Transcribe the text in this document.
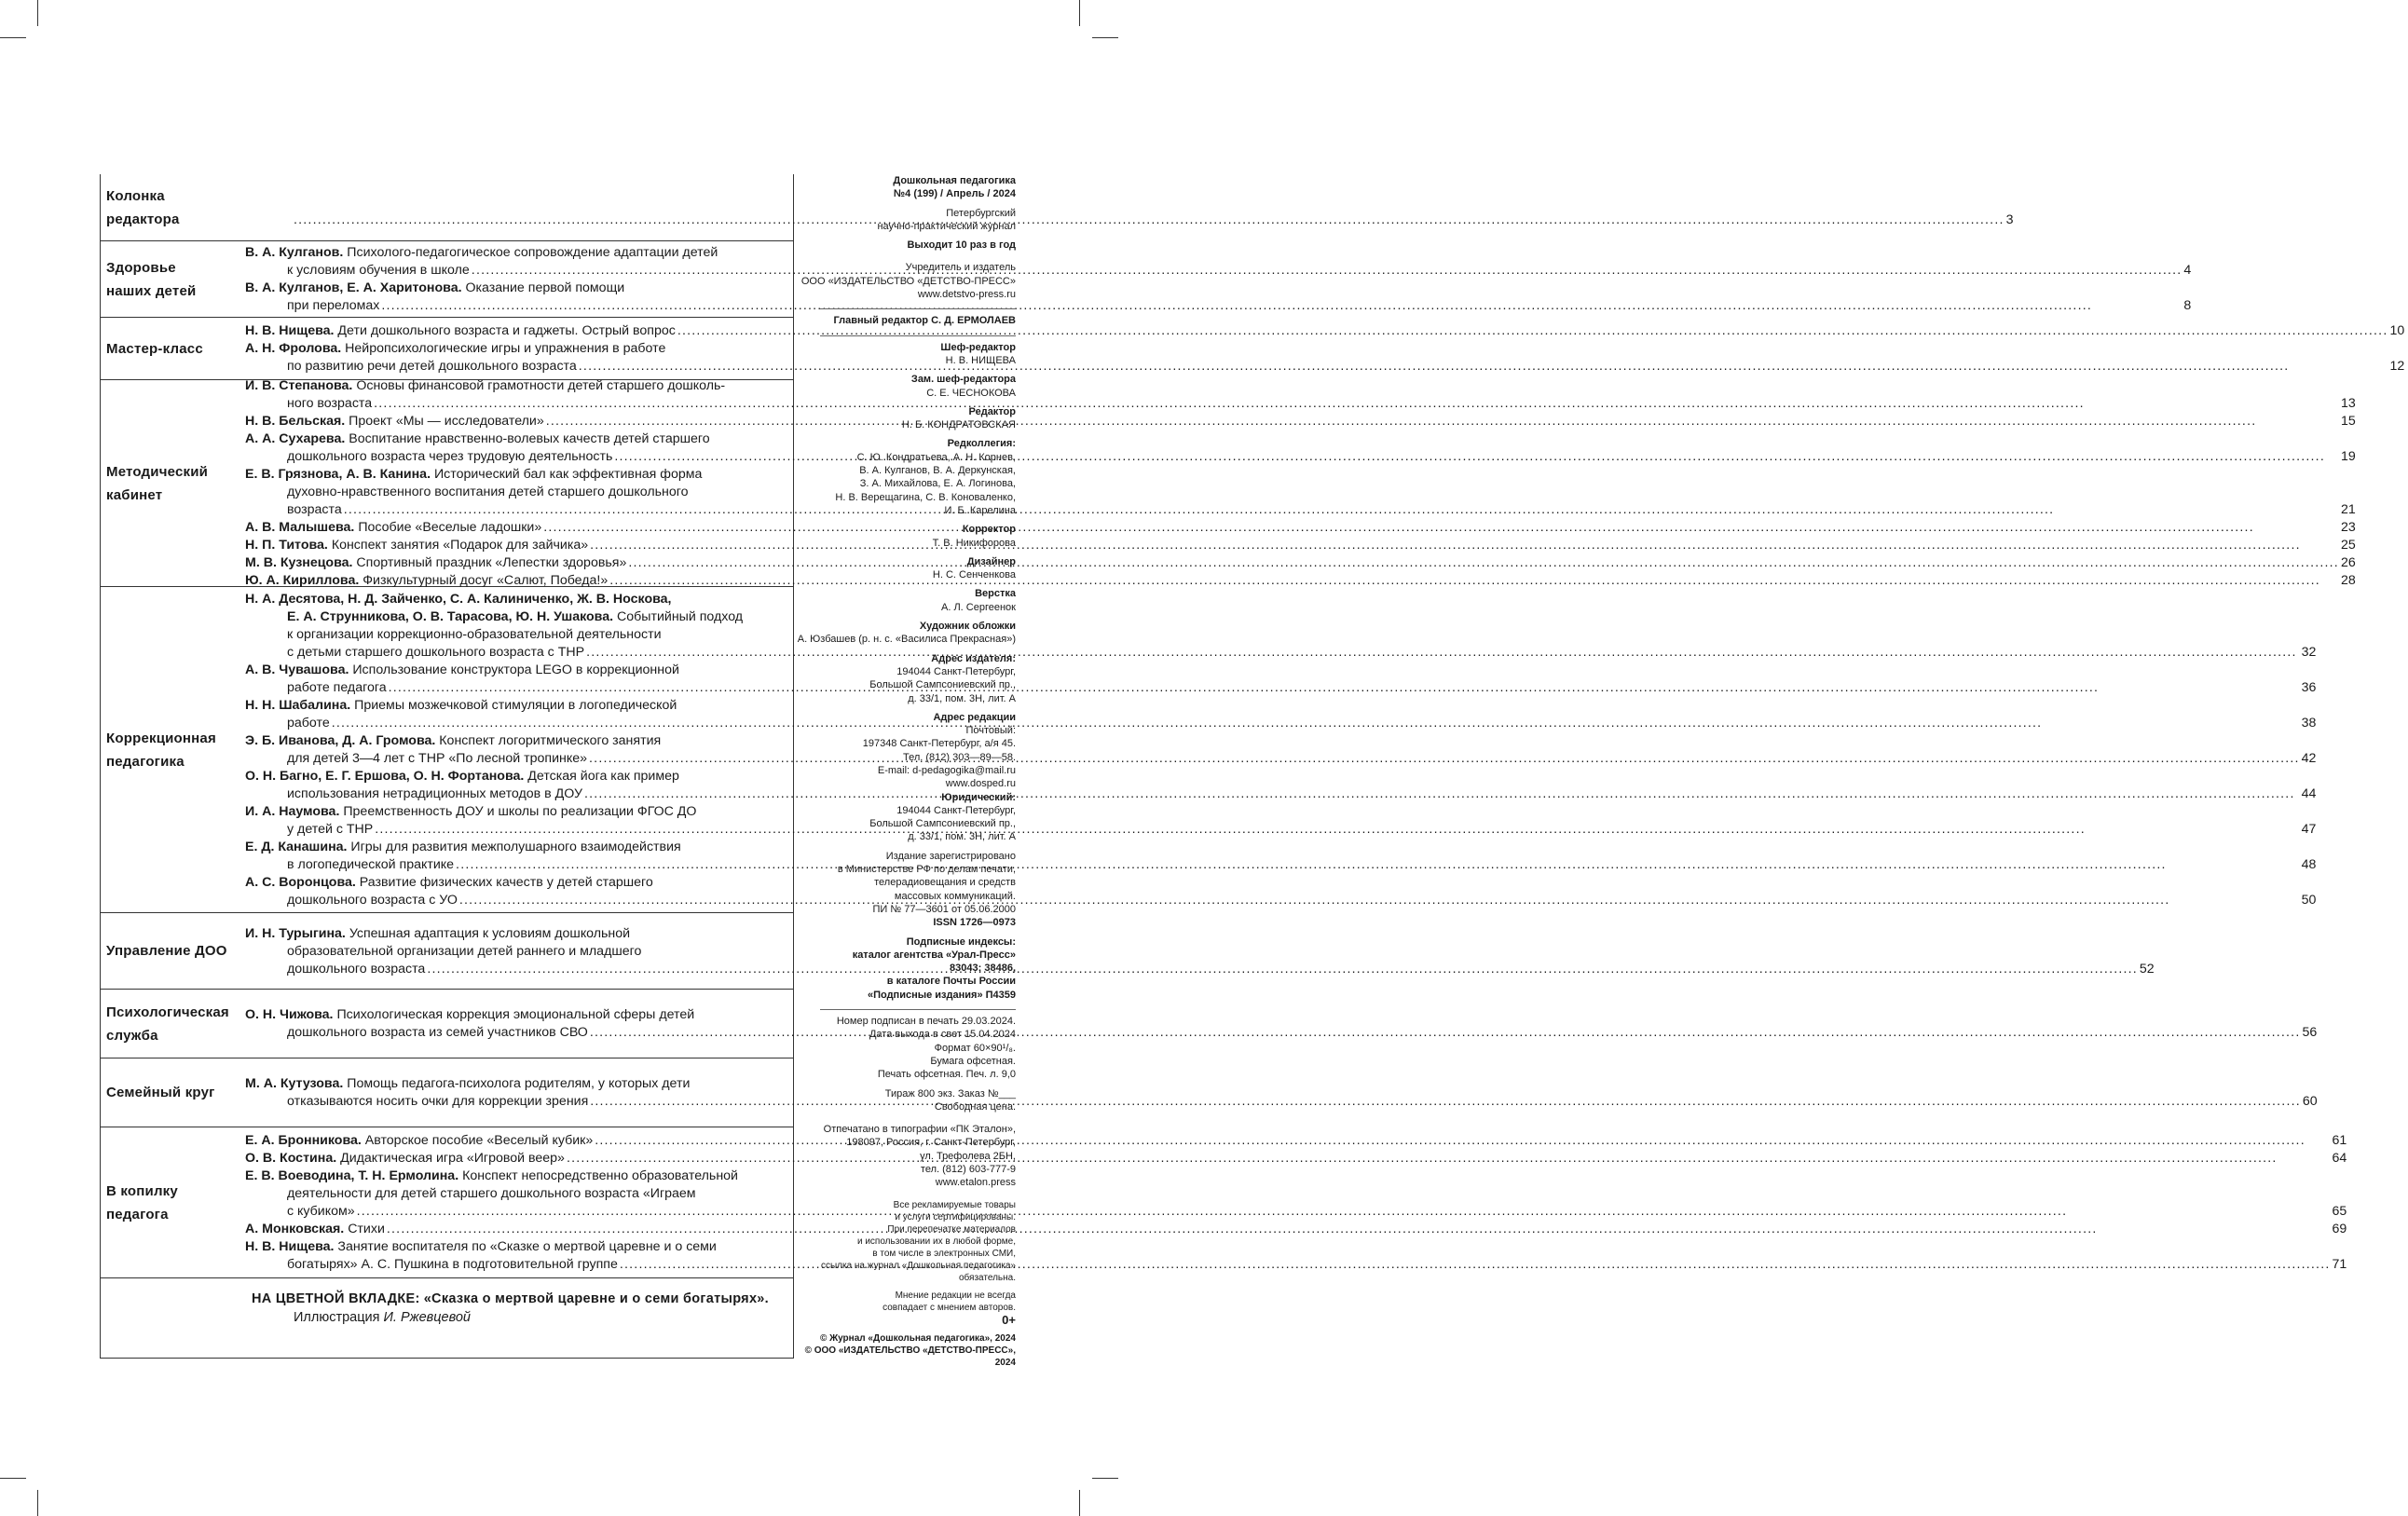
Колонка
редактора .....	3
Здоровье
наших детей
В. А. Кулганов. Психолого-педагогическое сопровождение адаптации детей
к условиям обучения в школе .....	4
В. А. Кулганов, Е. А. Харитонова. Оказание первой помощи
при переломах .....	8
Мастер-класс
Н. В. Нищева. Дети дошкольного возраста и гаджеты. Острый вопрос .....	10
А. Н. Фролова. Нейропсихологические игры и упражнения в работе
по развитию речи детей дошкольного возраста .....	12
Методический
кабинет
И. В. Степанова. Основы финансовой грамотности детей старшего дошколь-
ного возраста .....	13
Н. В. Бельская. Проект «Мы — исследователи» .....	15
А. А. Сухарева. Воспитание нравственно-волевых качеств детей старшего
дошкольного возраста через трудовую деятельность .....	19
Е. В. Грязнова, А. В. Канина. Исторический бал как эффективная форма
духовно-нравственного воспитания детей старшего дошкольного
возраста .....	21
А. В. Малышева. Пособие «Веселые ладошки» .....	23
Н. П. Титова. Конспект занятия «Подарок для зайчика» .....	25
М. В. Кузнецова. Спортивный праздник «Лепестки здоровья» .....	26
Ю. А. Кириллова. Физкультурный досуг «Салют, Победа!» .....	28
Коррекционная
педагогика
Н. А. Десятова, Н. Д. Зайченко, С. А. Калиниченко, Ж. В. Носкова,
Е. А. Струнникова, О. В. Тарасова, Ю. Н. Ушакова. Событийный подход
к организации коррекционно-образовательной деятельности
с детьми старшего дошкольного возраста с ТНР .....	32
А. В. Чувашова. Использование конструктора LEGO в коррекционной
работе педагога .....	36
Н. Н. Шабалина. Приемы мозжечковой стимуляции в логопедической
работе .....	38
Э. Б. Иванова, Д. А. Громова. Конспект логоритмического занятия
для детей 3—4 лет с ТНР «По лесной тропинке» .....	42
О. Н. Багно, Е. Г. Ершова, О. Н. Фортанова. Детская йога как пример
использования нетрадиционных методов в ДОУ .....	44
И. А. Наумова. Преемственность ДОУ и школы по реализации ФГОС ДО
у детей с ТНР .....	47
Е. Д. Канашина. Игры для развития межполушарного взаимодействия
в логопедической практике .....	48
А. С. Воронцова. Развитие физических качеств у детей старшего
дошкольного возраста с УО .....	50
Управление ДОО
И. Н. Турыгина. Успешная адаптация к условиям дошкольной
образовательной организации детей раннего и младшего
дошкольного возраста .....	52
Психологическая
служба
О. Н. Чижова. Психологическая коррекция эмоциональной сферы детей
дошкольного возраста из семей участников СВО .....	56
Семейный круг
М. А. Кутузова. Помощь педагога-психолога родителям, у которых дети
отказываются носить очки для коррекции зрения .....	60
В копилку
педагога
Е. А. Бронникова. Авторское пособие «Веселый кубик» .....	61
О. В. Костина. Дидактическая игра «Игровой веер» .....	64
Е. В. Воеводина, Т. Н. Ермолина. Конспект непосредственно образовательной
деятельности для детей старшего дошкольного возраста «Играем
с кубиком» .....	65
А. Монковская. Стихи .....	69
Н. В. Нищева. Занятие воспитателя по «Сказке о мертвой царевне и о семи
богатырях» А. С. Пушкина в подготовительной группе .....	71
НА ЦВЕТНОЙ ВКЛАДКЕ: «Сказка о мертвой царевне и о семи богатырях».
Иллюстрация И. Ржевцевой

Дошкольная педагогика

№4 (199) / Апрель / 2024

Петербургский

научно-практический журнал

Выходит 10 раз в год

Учредитель и издатель

ООО «ИЗДАТЕЛЬСТВО «ДЕТСТВО-ПРЕСС»

www.detstvo-press.ru

Главный редактор С. Д. ЕРМОЛАЕВ

Шеф-редактор

Н. В. НИЩЕВА

Зам. шеф-редактора

С. Е. ЧЕСНОКОВА

Редактор

Н. Б. КОНДРАТОВСКАЯ

Редколлегия:

С. Ю. Кондратьева, А. Н. Корнев,

В. А. Кулганов, В. А. Деркунская,

З. А. Михайлова, Е. А. Логинова,

Н. В. Верещагина, С. В. Коноваленко,

И. Б. Карелина

Корректор

Т. В. Никифорова

Дизайнер

Н. С. Сенченкова

Верстка

А. Л. Сергеенок

Художник обложки

А. Юзбашев (р. н. с. «Василиса Прекрасная»)

Адрес издателя:

194044 Санкт-Петербург,

Большой Сампсониевский пр.,

д. 33/1, пом. 3Н, лит. А

Адрес редакции

Почтовый:

197348 Санкт-Петербург, а/я 45.

Тел. (812) 303—89—58.

E-mail: d-pedagogika@mail.ru

www.dosped.ru

Юридический:

194044 Санкт-Петербург,

Большой Сампсониевский пр.,

д. 33/1, пом. 3Н, лит. А

Издание зарегистрировано

в Министерстве РФ по делам печати,

телерадиовещания и средств

массовых коммуникаций.

ПИ № 77—3601 от 05.06.2000

ISSN 1726—0973

Подписные индексы:

каталог агентства «Урал-Пресс»

83043; 38486,

в каталоге Почты России

«Подписные издания» П4359

Номер подписан в печать 29.03.2024.

Дата выхода в свет 15.04.2024

Формат 60×90¹/₈.

Бумага офсетная.

Печать офсетная. Печ. л. 9,0

Тираж 800 экз. Заказ №___

Свободная цена.

Отпечатано в типографии «ПК Эталон»,

198097, Россия, г. Санкт-Петербург,

ул. Трефолева 2БН,

тел. (812) 603-777-9

www.etalon.press

Все рекламируемые товары

и услуги сертифицированы.

При перепечатке материалов

и использовании их в любой форме,

в том числе в электронных СМИ,

ссылка на журнал «Дошкольная педагогика»

обязательна.

Мнение редакции не всегда

совпадает с мнением авторов.

0+

© Журнал «Дошкольная педагогика», 2024

© ООО «ИЗДАТЕЛЬСТВО «ДЕТСТВО-ПРЕСС», 2024
